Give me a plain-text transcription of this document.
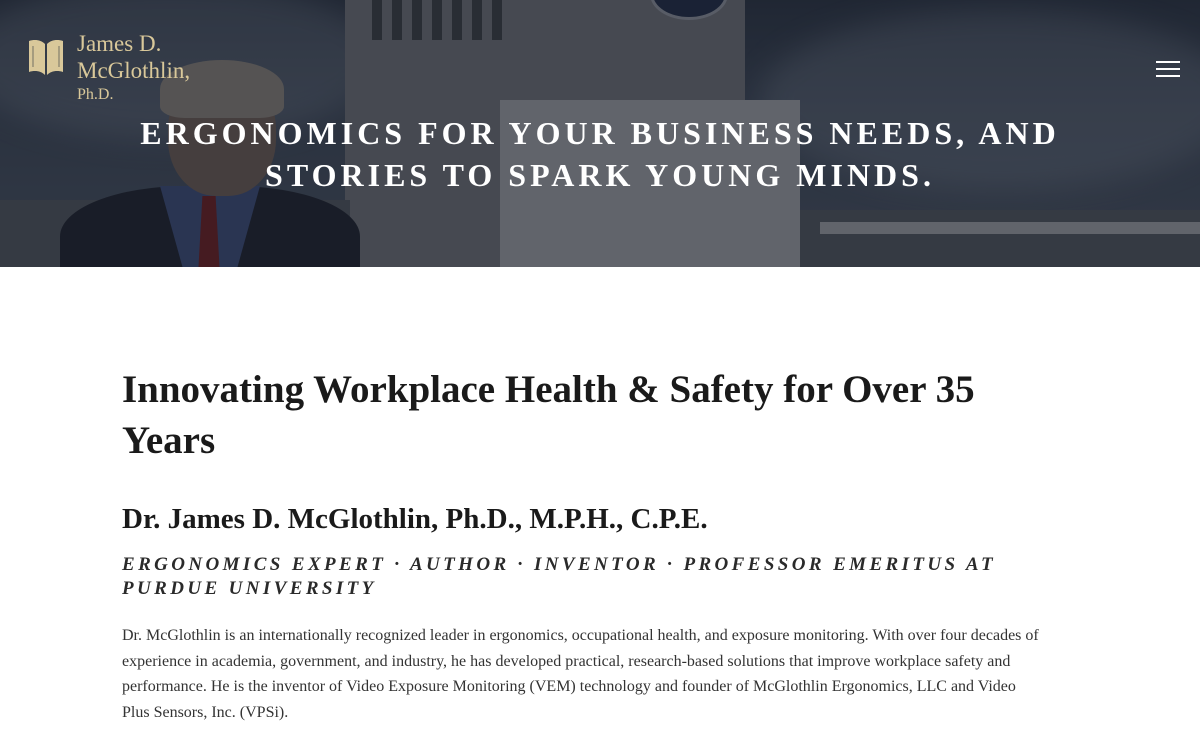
James D.
McGlothlin,
Ph.D.
ERGONOMICS FOR YOUR BUSINESS NEEDS, AND
STORIES TO SPARK YOUNG MINDS.
Innovating Workplace Health & Safety for Over 35 Years
Dr. James D. McGlothlin, Ph.D., M.P.H., C.P.E.

ERGONOMICS EXPERT · AUTHOR · INVENTOR · PROFESSOR EMERITUS AT PURDUE UNIVERSITY

Dr. McGlothlin is an internationally recognized leader in ergonomics, occupational health, and exposure monitoring. With over four decades of experience in academia, government, and industry, he has developed practical, research-based solutions that improve workplace safety and performance. He is the inventor of Video Exposure Monitoring (VEM) technology and founder of McGlothlin Ergonomics, LLC and Video Plus Sensors, Inc. (VPSi).
